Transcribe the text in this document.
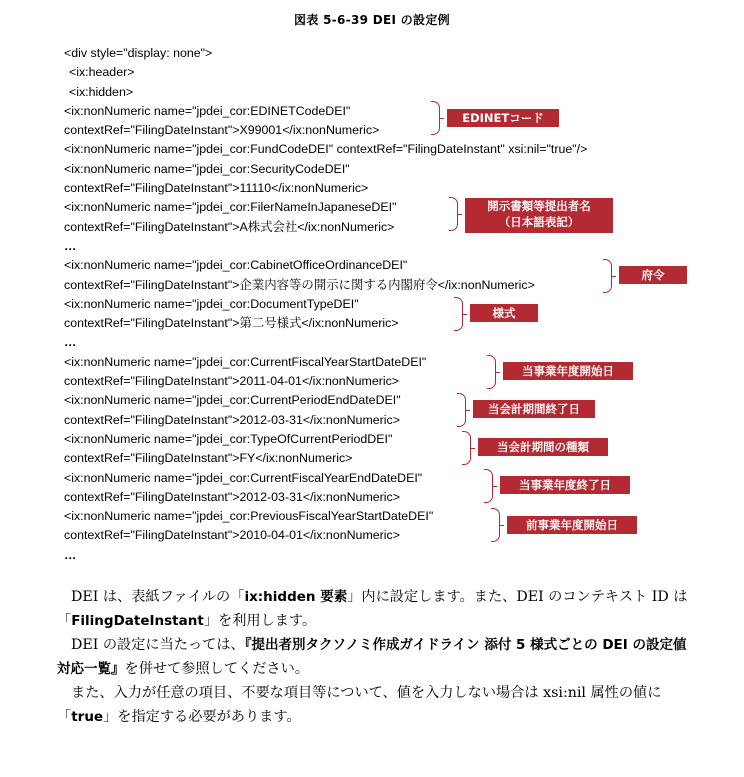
図表 5-6-39 DEI の設定例
<div style="display: none">
<ix:header>
<ix:hidden>
<ix:nonNumeric name="jpdei_cor:EDINETCodeDEI"
contextRef="FilingDateInstant">X99001</ix:nonNumeric>
<ix:nonNumeric name="jpdei_cor:FundCodeDEI" contextRef="FilingDateInstant" xsi:nil="true"/>
<ix:nonNumeric name="jpdei_cor:SecurityCodeDEI"
contextRef="FilingDateInstant">11110</ix:nonNumeric>
<ix:nonNumeric name="jpdei_cor:FilerNameInJapaneseDEI"
contextRef="FilingDateInstant">A株式会社</ix:nonNumeric>
…
<ix:nonNumeric name="jpdei_cor:CabinetOfficeOrdinanceDEI"
contextRef="FilingDateInstant">企業内容等の開示に関する内閣府令</ix:nonNumeric>
<ix:nonNumeric name="jpdei_cor:DocumentTypeDEI"
contextRef="FilingDateInstant">第二号様式</ix:nonNumeric>
…
<ix:nonNumeric name="jpdei_cor:CurrentFiscalYearStartDateDEI"
contextRef="FilingDateInstant">2011-04-01</ix:nonNumeric>
<ix:nonNumeric name="jpdei_cor:CurrentPeriodEndDateDEI"
contextRef="FilingDateInstant">2012-03-31</ix:nonNumeric>
<ix:nonNumeric name="jpdei_cor:TypeOfCurrentPeriodDEI"
contextRef="FilingDateInstant">FY</ix:nonNumeric>
<ix:nonNumeric name="jpdei_cor:CurrentFiscalYearEndDateDEI"
contextRef="FilingDateInstant">2012-03-31</ix:nonNumeric>
<ix:nonNumeric name="jpdei_cor:PreviousFiscalYearStartDateDEI"
contextRef="FilingDateInstant">2010-04-01</ix:nonNumeric>
…
EDINETコード
開示書類等提出者名
（日本語表記）
府令
様式
当事業年度開始日
当会計期間終了日
当会計期間の種類
当事業年度終了日
前事業年度開始日

DEI は、表紙ファイルの「ix:hidden 要素」内に設定します。また、DEI のコンテキスト ID は「FilingDateInstant」を利用します。

DEI の設定に当たっては、『提出者別タクソノミ作成ガイドライン 添付 5 様式ごとの DEI の設定値対応一覧』を併せて参照してください。

また、入力が任意の項目、不要な項目等について、値を入力しない場合は xsi:nil 属性の値に「true」を指定する必要があります。
